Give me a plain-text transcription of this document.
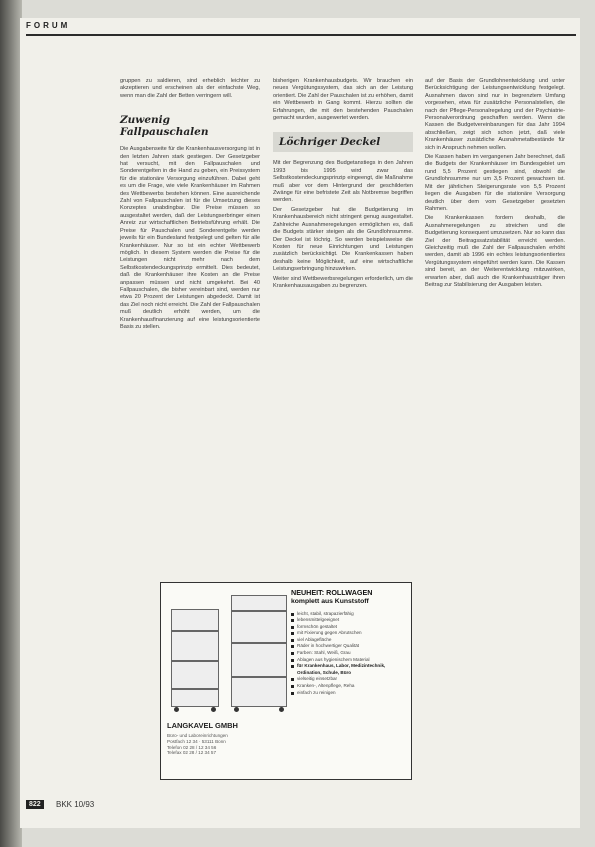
FORUM

gruppen zu saldieren, sind erheblich leichter zu akzeptieren und erscheinen als der einfachste Weg, wenn man die Zahl der Betten verringern will.

Zuwenig Fallpauschalen

Die Ausgabenseite für die Krankenhausversorgung ist in den letzten Jahren stark gestiegen. Der Gesetzgeber hat versucht, mit den Fallpauschalen und Sonderentgelten in die Hand zu geben, ein Preissystem für die stationäre Versorgung einzuführen. Dabei geht es um die Frage, wie viele Krankenhäuser im Rahmen des Wettbewerbs bestehen können. Eine ausreichende Zahl von Fallpauschalen ist für die Umsetzung dieses Konzeptes unabdingbar. Die Preise müssen so ausgestaltet werden, daß der Leistungserbringer einen Anreiz zur wirtschaftlichen Betriebsführung erhält. Die Preise für Pauschalen und Sonderentgelte werden jeweils für ein Bundesland festgelegt und gelten für alle Krankenhäuser. Nur so ist ein echter Wettbewerb möglich. In diesem System werden die Preise für die Leistungen nicht mehr nach dem Selbstkostendeckungsprinzip ermittelt. Dies bedeutet, daß die Krankenhäuser ihre Kosten an die Preise anpassen müssen und nicht umgekehrt. Bei 40 Fallpauschalen, die bisher vereinbart sind, werden nur etwa 20 Prozent der Leistungen abgedeckt. Damit ist das Ziel noch nicht erreicht. Die Zahl der Fallpauschalen muß deutlich erhöht werden, um die Krankenhausfinanzierung auf eine leistungsorientierte Basis zu stellen.

bisherigen Krankenhausbudgets. Wir brauchen ein neues Vergütungssystem, das sich an der Leistung orientiert. Die Zahl der Pauschalen ist zu erhöhen, damit ein Wettbewerb in Gang kommt. Hierzu sollten die Erfahrungen, die mit den bestehenden Pauschalen gemacht wurden, ausgewertet werden.

Löchriger Deckel

Mit der Begrenzung des Budgetanstiegs in den Jahren 1993 bis 1995 wird zwar das Selbstkostendeckungsprinzip eingeengt, die Maßnahme muß aber vor dem Hintergrund der geschilderten Zwänge für eine befristete Zeit als Notbremse begriffen werden.

Der Gesetzgeber hat die Budgetierung im Krankenhausbereich nicht stringent genug ausgestaltet. Zahlreiche Ausnahmeregelungen ermöglichen es, daß die Budgets stärker steigen als die Grundlohnsumme. Der Deckel ist löchrig. So werden beispielsweise die Kosten für neue Einrichtungen und Leistungen zusätzlich berücksichtigt. Die Krankenkassen haben deshalb keine Möglichkeit, auf eine wirtschaftliche Leistungserbringung hinzuwirken.

Weiter sind Wettbewerbsregelungen erforderlich, um die Krankenhausausgaben zu begrenzen.

auf der Basis der Grundlohnentwicklung und unter Berücksichtigung der Leistungsentwicklung festgelegt. Ausnahmen davon sind nur in begrenztem Umfang vorgesehen, etwa für zusätzliche Personalstellen, die nach der Pflege-Personalregelung und der Psychiatrie-Personalverordnung geschaffen werden. Wenn die Kassen die Budgetvereinbarungen für das Jahr 1994 abschließen, zeigt sich schon jetzt, daß viele Krankenhäuser zusätzliche Ausnahmetatbestände für sich in Anspruch nehmen wollen.

Die Kassen haben im vergangenen Jahr berechnet, daß die Budgets der Krankenhäuser im Bundesgebiet um rund 5,5 Prozent gestiegen sind, obwohl die Grundlohnsumme nur um 3,5 Prozent gewachsen ist. Mit der jährlichen Steigerungsrate von 5,5 Prozent liegen die Ausgaben für die stationäre Versorgung deutlich über dem vom Gesetzgeber gesetzten Rahmen.

Die Krankenkassen fordern deshalb, die Ausnahmeregelungen zu streichen und die Budgetierung konsequent umzusetzen. Nur so kann das Ziel der Beitragssatzstabilität erreicht werden. Gleichzeitig muß die Zahl der Fallpauschalen erhöht werden, damit ab 1996 ein echtes leistungsorientiertes Vergütungssystem eingeführt werden kann. Die Kassen sind bereit, an der Weiterentwicklung mitzuwirken, erwarten aber, daß auch die Krankenhausträger ihren Beitrag zur Stabilisierung der Ausgaben leisten.

LANGKAVEL GMBH
Büro- und Laboreinrichtungen
Postfach 12 34 · 53111 Bonn
Telefon 02 28 / 12 34 56
Telefax 02 28 / 12 34 57
NEUHEIT: ROLLWAGEN
komplett aus Kunststoff
leicht, stabil, strapazierfähig
lebensmittelgeeignet
formschön gestaltet
mit Fixierung gegen Abrutschen
viel Ablagefläche
Räder in hochwertiger Qualität
Farben: Stahl, Weiß, Grau
Ablagen aus hygienischem Material
für Krankenhaus, Labor, Medizintechnik, Ordination, Schule, Büro
vielseitig einsetzbar
Kranken-, Altenpflege, Reha
einfach zu reinigen
822	BKK 10/93
